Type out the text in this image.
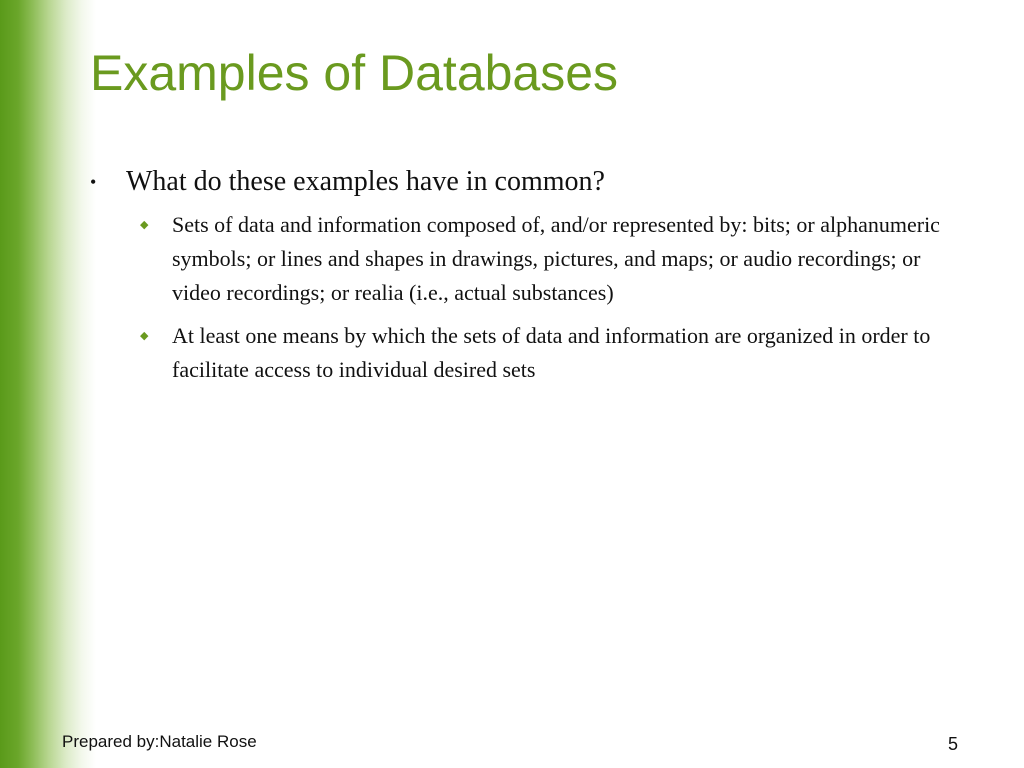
Examples of Databases
• What do these examples have in common?
◆ Sets of data and information composed of, and/or represented by: bits; or alphanumeric symbols; or lines and shapes in drawings, pictures, and maps; or audio recordings; or video recordings; or realia (i.e., actual substances)
◆ At least one means by which the sets of data and information are organized in order to facilitate access to individual desired sets
Prepared by:Natalie Rose	5
